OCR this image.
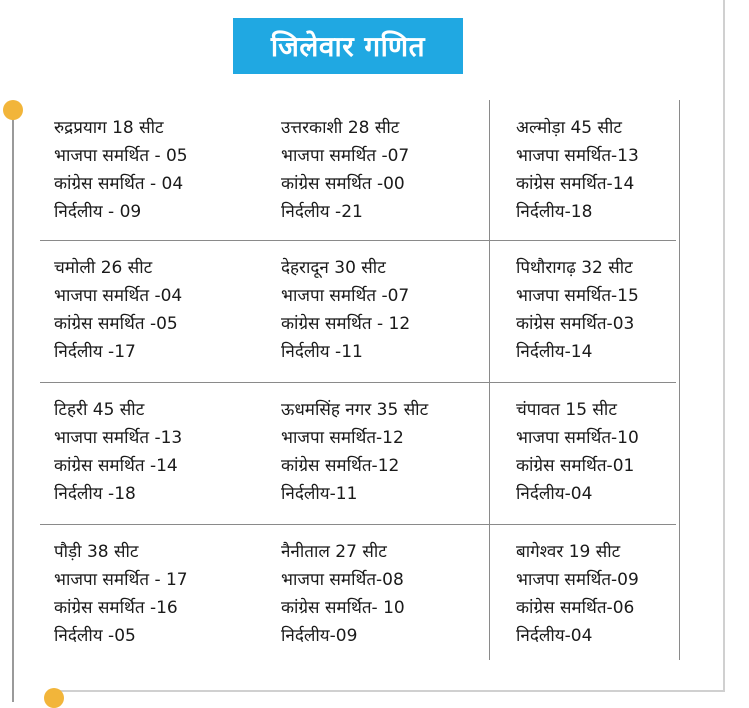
जिलेवार गणित
रुद्रप्रयाग 18 सीट
भाजपा समर्थित - 05
कांग्रेस समर्थित - 04
निर्दलीय - 09
उत्तरकाशी 28 सीट
भाजपा समर्थित -07
कांग्रेस समर्थित -00
निर्दलीय -21
अल्मोड़ा 45 सीट
भाजपा समर्थित-13
कांग्रेस समर्थित-14
निर्दलीय-18
चमोली 26 सीट
भाजपा समर्थित -04
कांग्रेस समर्थित -05
निर्दलीय -17
देहरादून 30 सीट
भाजपा समर्थित -07
कांग्रेस समर्थित - 12
निर्दलीय -11
पिथौरागढ़ 32 सीट
भाजपा समर्थित-15
कांग्रेस समर्थित-03
निर्दलीय-14
टिहरी 45 सीट
भाजपा समर्थित -13
कांग्रेस समर्थित -14
निर्दलीय -18
ऊधमसिंह नगर 35 सीट
भाजपा समर्थित-12
कांग्रेस समर्थित-12
निर्दलीय-11
चंपावत 15 सीट
भाजपा समर्थित-10
कांग्रेस समर्थित-01
निर्दलीय-04
पौड़ी 38 सीट
भाजपा समर्थित - 17
कांग्रेस समर्थित -16
निर्दलीय -05
नैनीताल 27 सीट
भाजपा समर्थित-08
कांग्रेस समर्थित- 10
निर्दलीय-09
बागेश्वर 19 सीट
भाजपा समर्थित-09
कांग्रेस समर्थित-06
निर्दलीय-04
